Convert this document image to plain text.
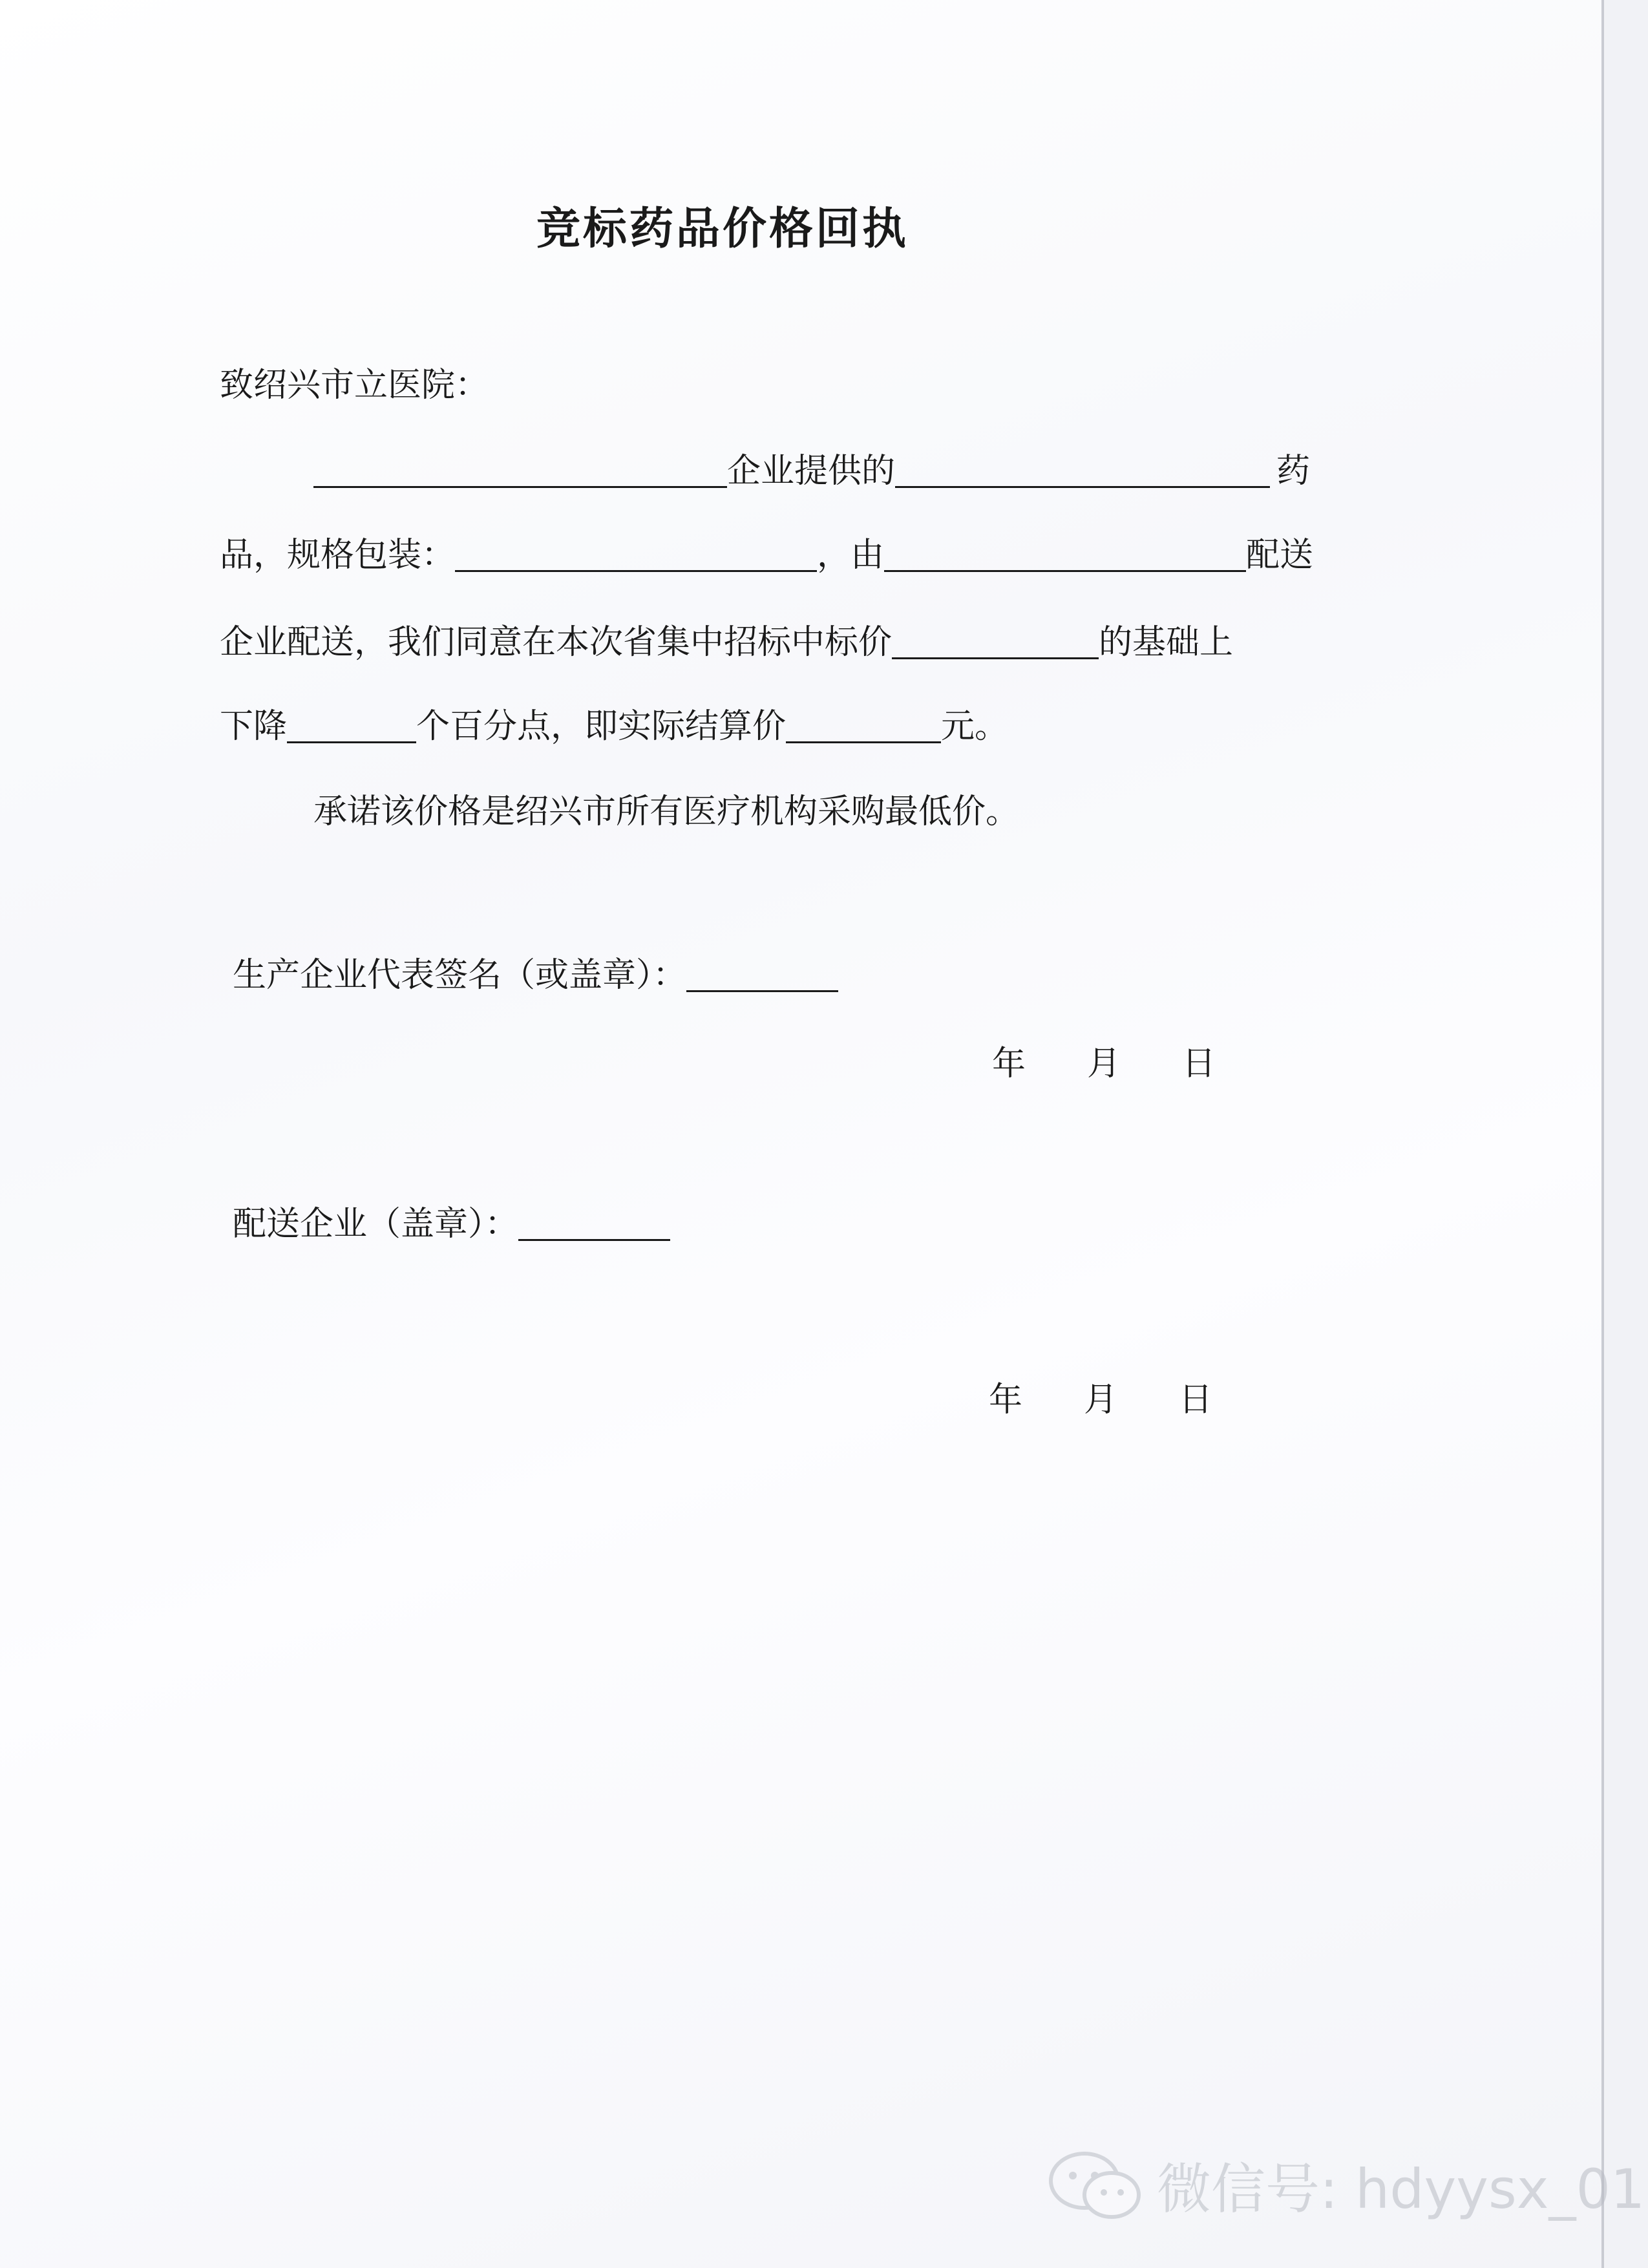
竞标药品价格回执
致绍兴市立医院：
企业提供的	药
品，规格包装：	，由	配送
企业配送，我们同意在本次省集中招标中标价	的基础上
下降	个百分点，即实际结算价	元。
承诺该价格是绍兴市所有医疗机构采购最低价。
生产企业代表签名（或盖章）：
年 月 日
配送企业（盖章）：
年 月 日
微信号: hdyysx_01
